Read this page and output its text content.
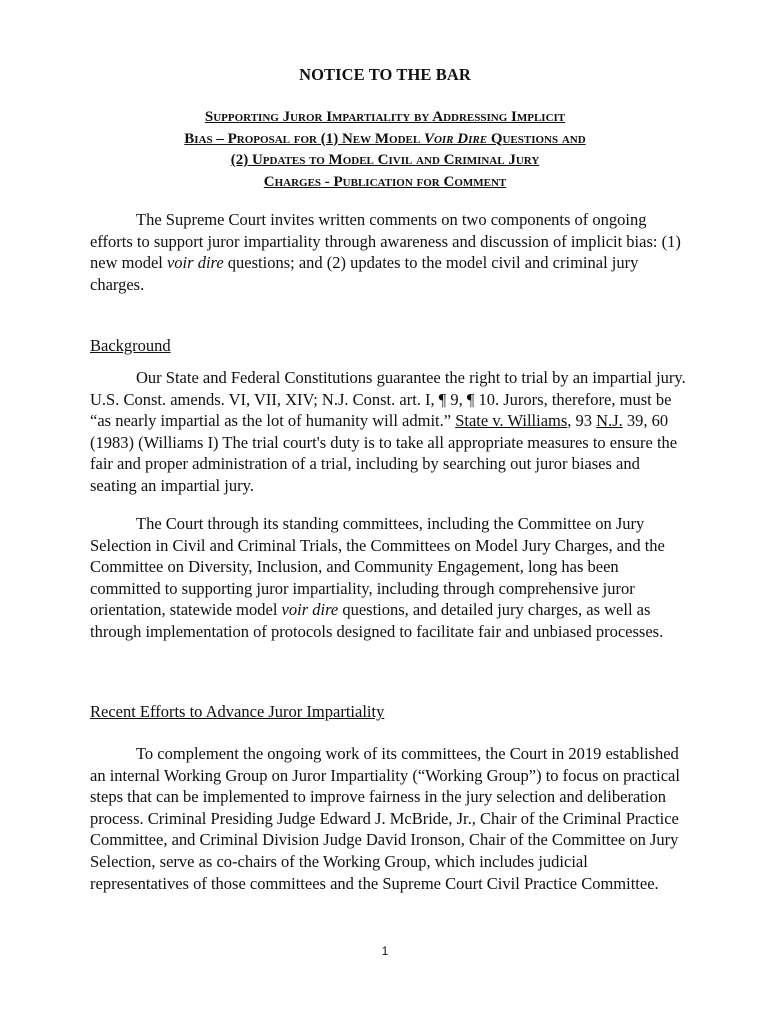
NOTICE TO THE BAR
Supporting Juror Impartiality by Addressing Implicit
Bias – Proposal for (1) New Model Voir Dire Questions and
(2) Updates to Model Civil and Criminal Jury
Charges - Publication for Comment

The Supreme Court invites written comments on two components of ongoing efforts to support juror impartiality through awareness and discussion of implicit bias: (1) new model voir dire questions; and (2) updates to the model civil and criminal jury charges.

Background

Our State and Federal Constitutions guarantee the right to trial by an impartial jury. U.S. Const. amends. VI, VII, XIV; N.J. Const. art. I, ¶ 9, ¶ 10. Jurors, therefore, must be “as nearly impartial as the lot of humanity will admit.” State v. Williams, 93 N.J. 39, 60 (1983) (Williams I) The trial court's duty is to take all appropriate measures to ensure the fair and proper administration of a trial, including by searching out juror biases and seating an impartial jury.

The Court through its standing committees, including the Committee on Jury Selection in Civil and Criminal Trials, the Committees on Model Jury Charges, and the Committee on Diversity, Inclusion, and Community Engagement, long has been committed to supporting juror impartiality, including through comprehensive juror orientation, statewide model voir dire questions, and detailed jury charges, as well as through implementation of protocols designed to facilitate fair and unbiased processes.

Recent Efforts to Advance Juror Impartiality

To complement the ongoing work of its committees, the Court in 2019 established an internal Working Group on Juror Impartiality (“Working Group”) to focus on practical steps that can be implemented to improve fairness in the jury selection and deliberation process. Criminal Presiding Judge Edward J. McBride, Jr., Chair of the Criminal Practice Committee, and Criminal Division Judge David Ironson, Chair of the Committee on Jury Selection, serve as co-chairs of the Working Group, which includes judicial representatives of those committees and the Supreme Court Civil Practice Committee.

1
